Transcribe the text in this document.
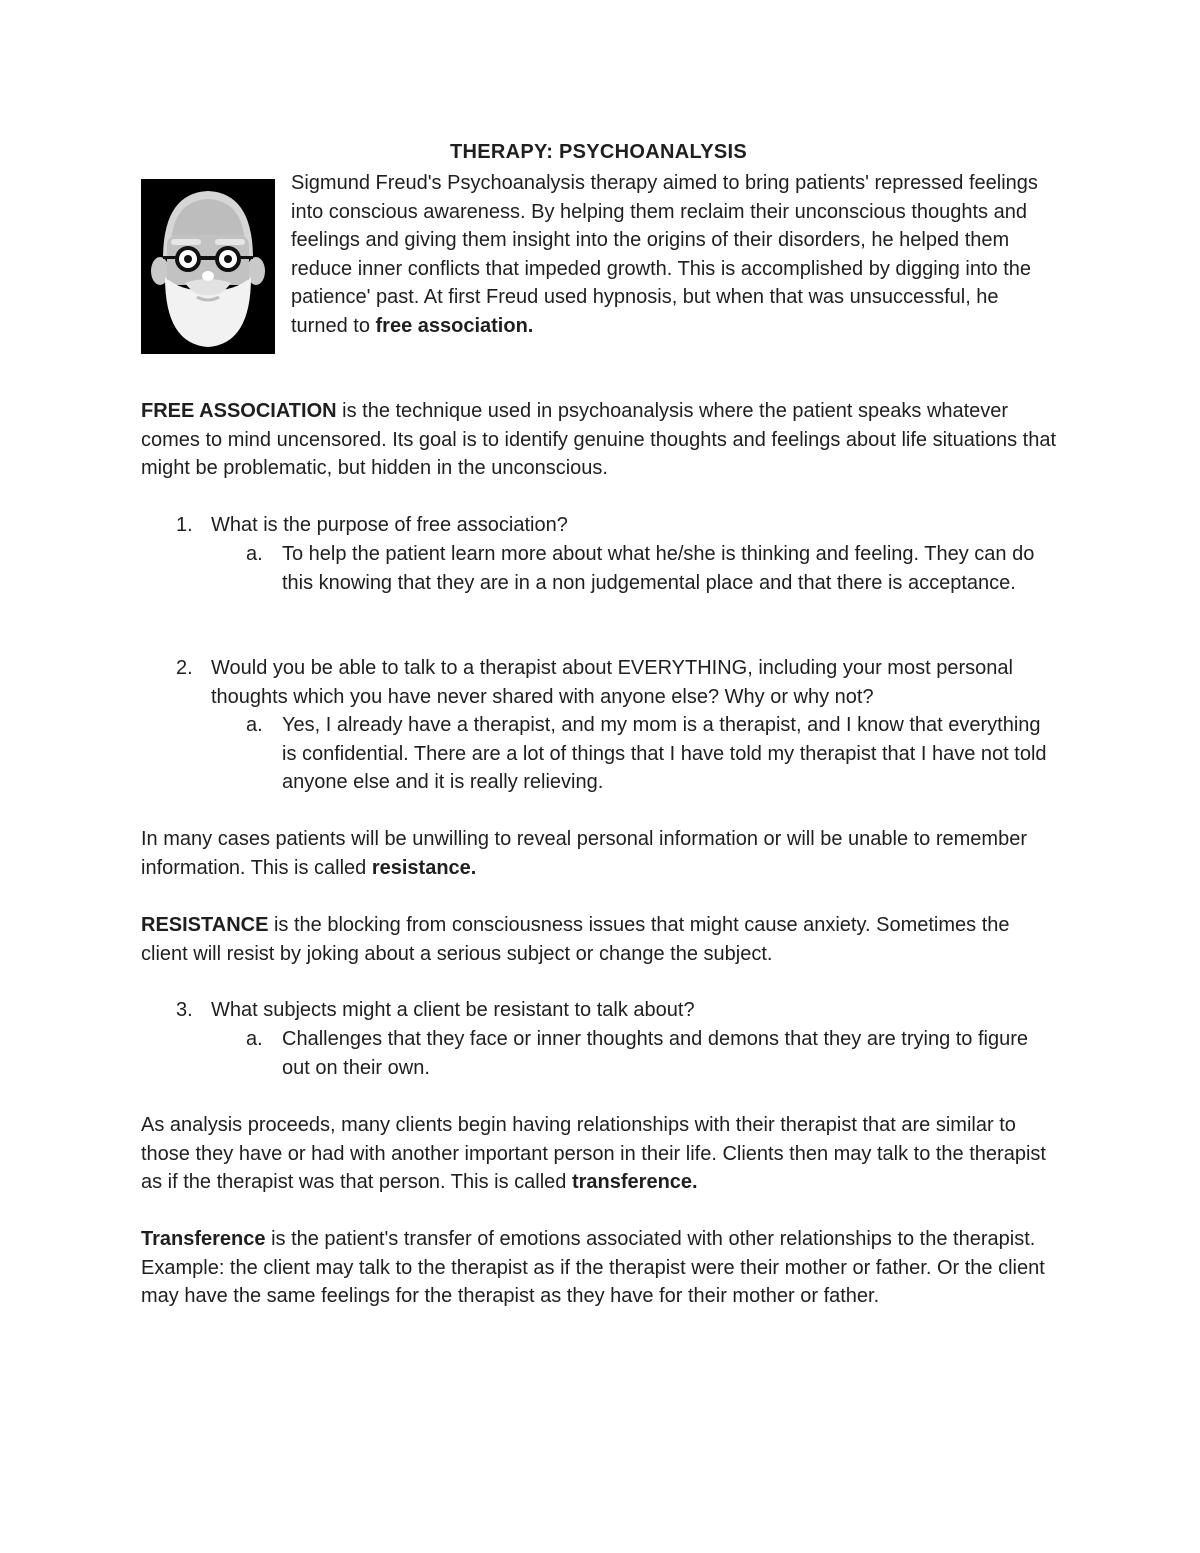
THERAPY: PSYCHOANALYSIS

Sigmund Freud's Psychoanalysis therapy aimed to bring patients' repressed feelings into conscious awareness. By helping them reclaim their unconscious thoughts and feelings and giving them insight into the origins of their disorders, he helped them reduce inner conflicts that impeded growth. This is accomplished by digging into the patience' past. At first Freud used hypnosis, but when that was unsuccessful, he turned to free association.

FREE ASSOCIATION is the technique used in psychoanalysis where the patient speaks whatever comes to mind uncensored. Its goal is to identify genuine thoughts and feelings about life situations that might be problematic, but hidden in the unconscious.

1. What is the purpose of free association?

a. To help the patient learn more about what he/she is thinking and feeling. They can do this knowing that they are in a non judgemental place and that there is acceptance.

2. Would you be able to talk to a therapist about EVERYTHING, including your most personal thoughts which you have never shared with anyone else? Why or why not?

a. Yes, I already have a therapist, and my mom is a therapist, and I know that everything is confidential. There are a lot of things that I have told my therapist that I have not told anyone else and it is really relieving.

In many cases patients will be unwilling to reveal personal information or will be unable to remember information. This is called resistance.

RESISTANCE is the blocking from consciousness issues that might cause anxiety. Sometimes the client will resist by joking about a serious subject or change the subject.

3. What subjects might a client be resistant to talk about?

a. Challenges that they face or inner thoughts and demons that they are trying to figure out on their own.

As analysis proceeds, many clients begin having relationships with their therapist that are similar to those they have or had with another important person in their life. Clients then may talk to the therapist as if the therapist was that person. This is called transference.

Transference is the patient's transfer of emotions associated with other relationships to the therapist. Example: the client may talk to the therapist as if the therapist were their mother or father. Or the client may have the same feelings for the therapist as they have for their mother or father.
